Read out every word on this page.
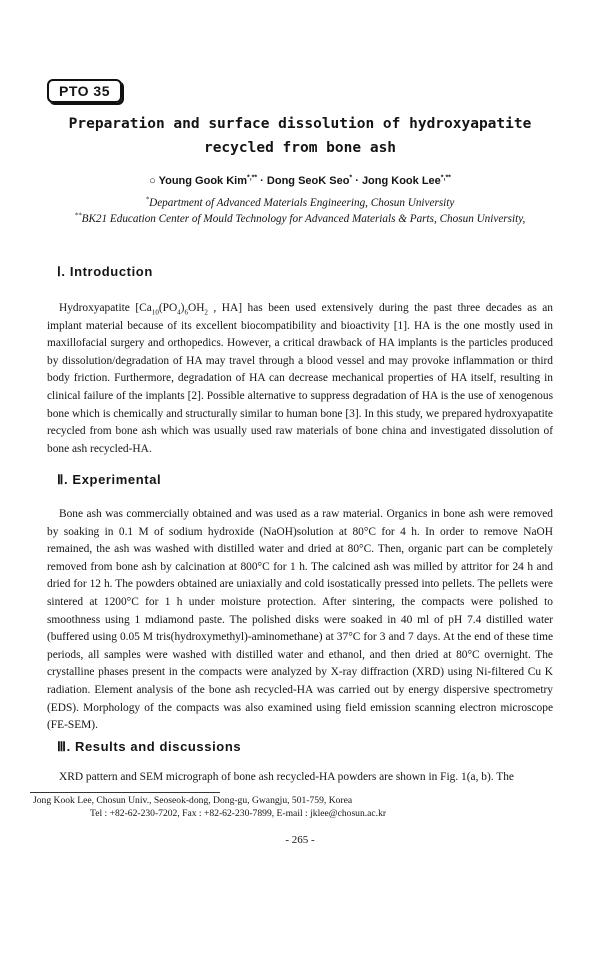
PTO 35
Preparation and surface dissolution of hydroxyapatite
recycled from bone ash
○ Young Gook Kim*,** · Dong SeoK Seo* · Jong Kook Lee*,**
*Department of Advanced Materials Engineering, Chosun University
**BK21 Education Center of Mould Technology for Advanced Materials & Parts, Chosun University,
Ⅰ. Introduction

Hydroxyapatite [$Ca_{10}(PO_4)_6OH_2$ , HA] has been used extensively during the past three decades as an implant material because of its excellent biocompatibility and bioactivity [1]. HA is the one mostly used in maxillofacial surgery and orthopedics. However, a critical drawback of HA implants is the particles produced by dissolution/degradation of HA may travel through a blood vessel and may provoke inflammation or third body friction. Furthermore, degradation of HA can decrease mechanical properties of HA itself, resulting in clinical failure of the implants [2]. Possible alternative to suppress degradation of HA is the use of xenogenous bone which is chemically and structurally similar to human bone [3]. In this study, we prepared hydroxyapatite recycled from bone ash which was usually used raw materials of bone china and investigated dissolution of bone ash recycled-HA.

Ⅱ. Experimental

Bone ash was commercially obtained and was used as a raw material. Organics in bone ash were removed by soaking in 0.1 M of sodium hydroxide (NaOH)solution at 80°C for 4 h. In order to remove NaOH remained, the ash was washed with distilled water and dried at 80°C. Then, organic part can be completely removed from bone ash by calcination at 800°C for 1 h. The calcined ash was milled by attritor for 24 h and dried for 12 h. The powders obtained are uniaxially and cold isostatically pressed into pellets. The pellets were sintered at 1200°C for 1 h under moisture protection. After sintering, the compacts were polished to smoothness using 1 mdiamond paste. The polished disks were soaked in 40 ml of pH 7.4 distilled water (buffered using 0.05 M tris(hydroxymethyl)-aminomethane) at 37°C for 3 and 7 days. At the end of these time periods, all samples were washed with distilled water and ethanol, and then dried at 80°C overnight. The crystalline phases present in the compacts were analyzed by X-ray diffraction (XRD) using Ni-filtered Cu K radiation. Element analysis of the bone ash recycled-HA was carried out by energy dispersive spectrometry (EDS). Morphology of the compacts was also examined using field emission scanning electron microscope (FE-SEM).

Ⅲ. Results and discussions

XRD pattern and SEM micrograph of bone ash recycled-HA powders are shown in Fig. 1(a, b). The

Jong Kook Lee, Chosun Univ., Seoseok-dong, Dong-gu, Gwangju, 501-759, Korea

Tel : +82-62-230-7202, Fax : +82-62-230-7899, E-mail : jklee@chosun.ac.kr

- 265 -
